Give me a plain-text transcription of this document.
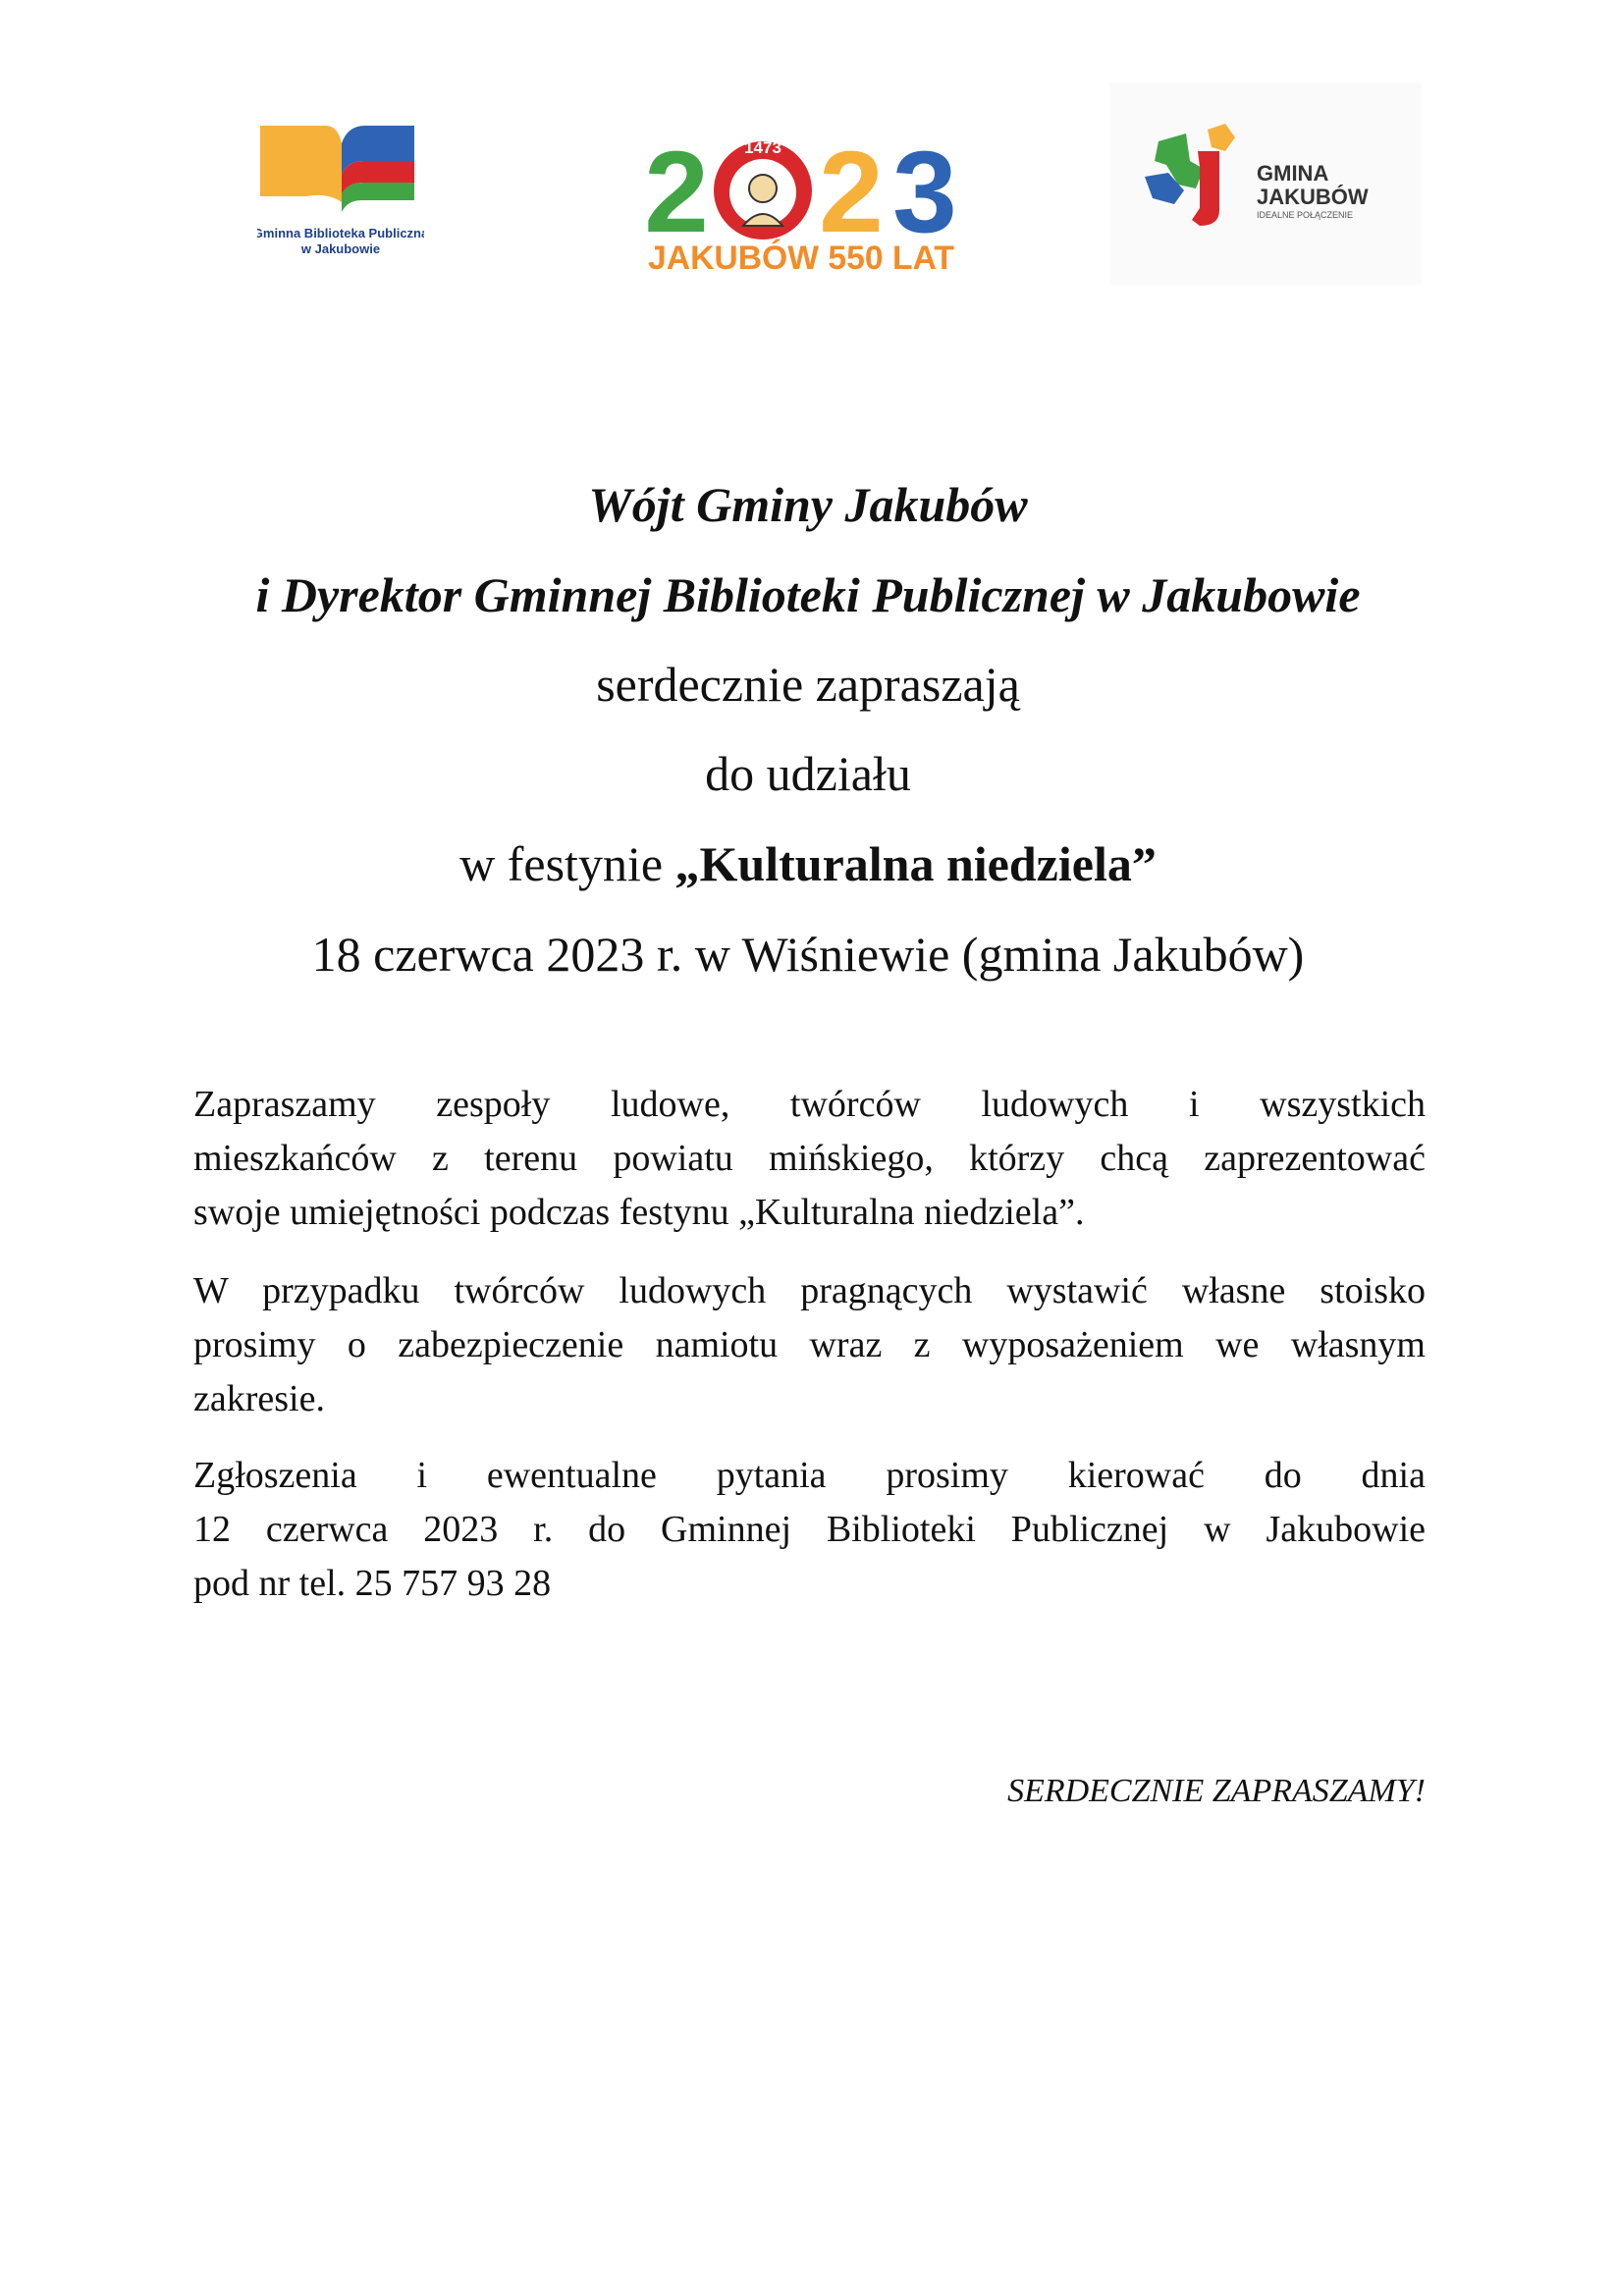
Gminna Biblioteka Publiczna
w Jakubowie 2 1473 2 3
JAKUBÓW 550 LAT
GMINA
JAKUBÓW
IDEALNE POŁĄCZENIE
Wójt Gminy Jakubów
i Dyrektor Gminnej Biblioteki Publicznej w Jakubowie
serdecznie zapraszają
do udziału
w festynie „Kulturalna niedziela”
18 czerwca 2023 r. w Wiśniewie (gmina Jakubów)
Zapraszamy zespoły ludowe, twórców ludowych i wszystkich
mieszkańców z terenu powiatu mińskiego, którzy chcą zaprezentować
swoje umiejętności podczas festynu „Kulturalna niedziela”.
W przypadku twórców ludowych pragnących wystawić własne stoisko
prosimy o zabezpieczenie namiotu wraz z wyposażeniem we własnym
zakresie.
Zgłoszenia i ewentualne pytania prosimy kierować do dnia
12 czerwca 2023 r. do Gminnej Biblioteki Publicznej w Jakubowie
pod nr tel. 25 757 93 28
SERDECZNIE ZAPRASZAMY!
